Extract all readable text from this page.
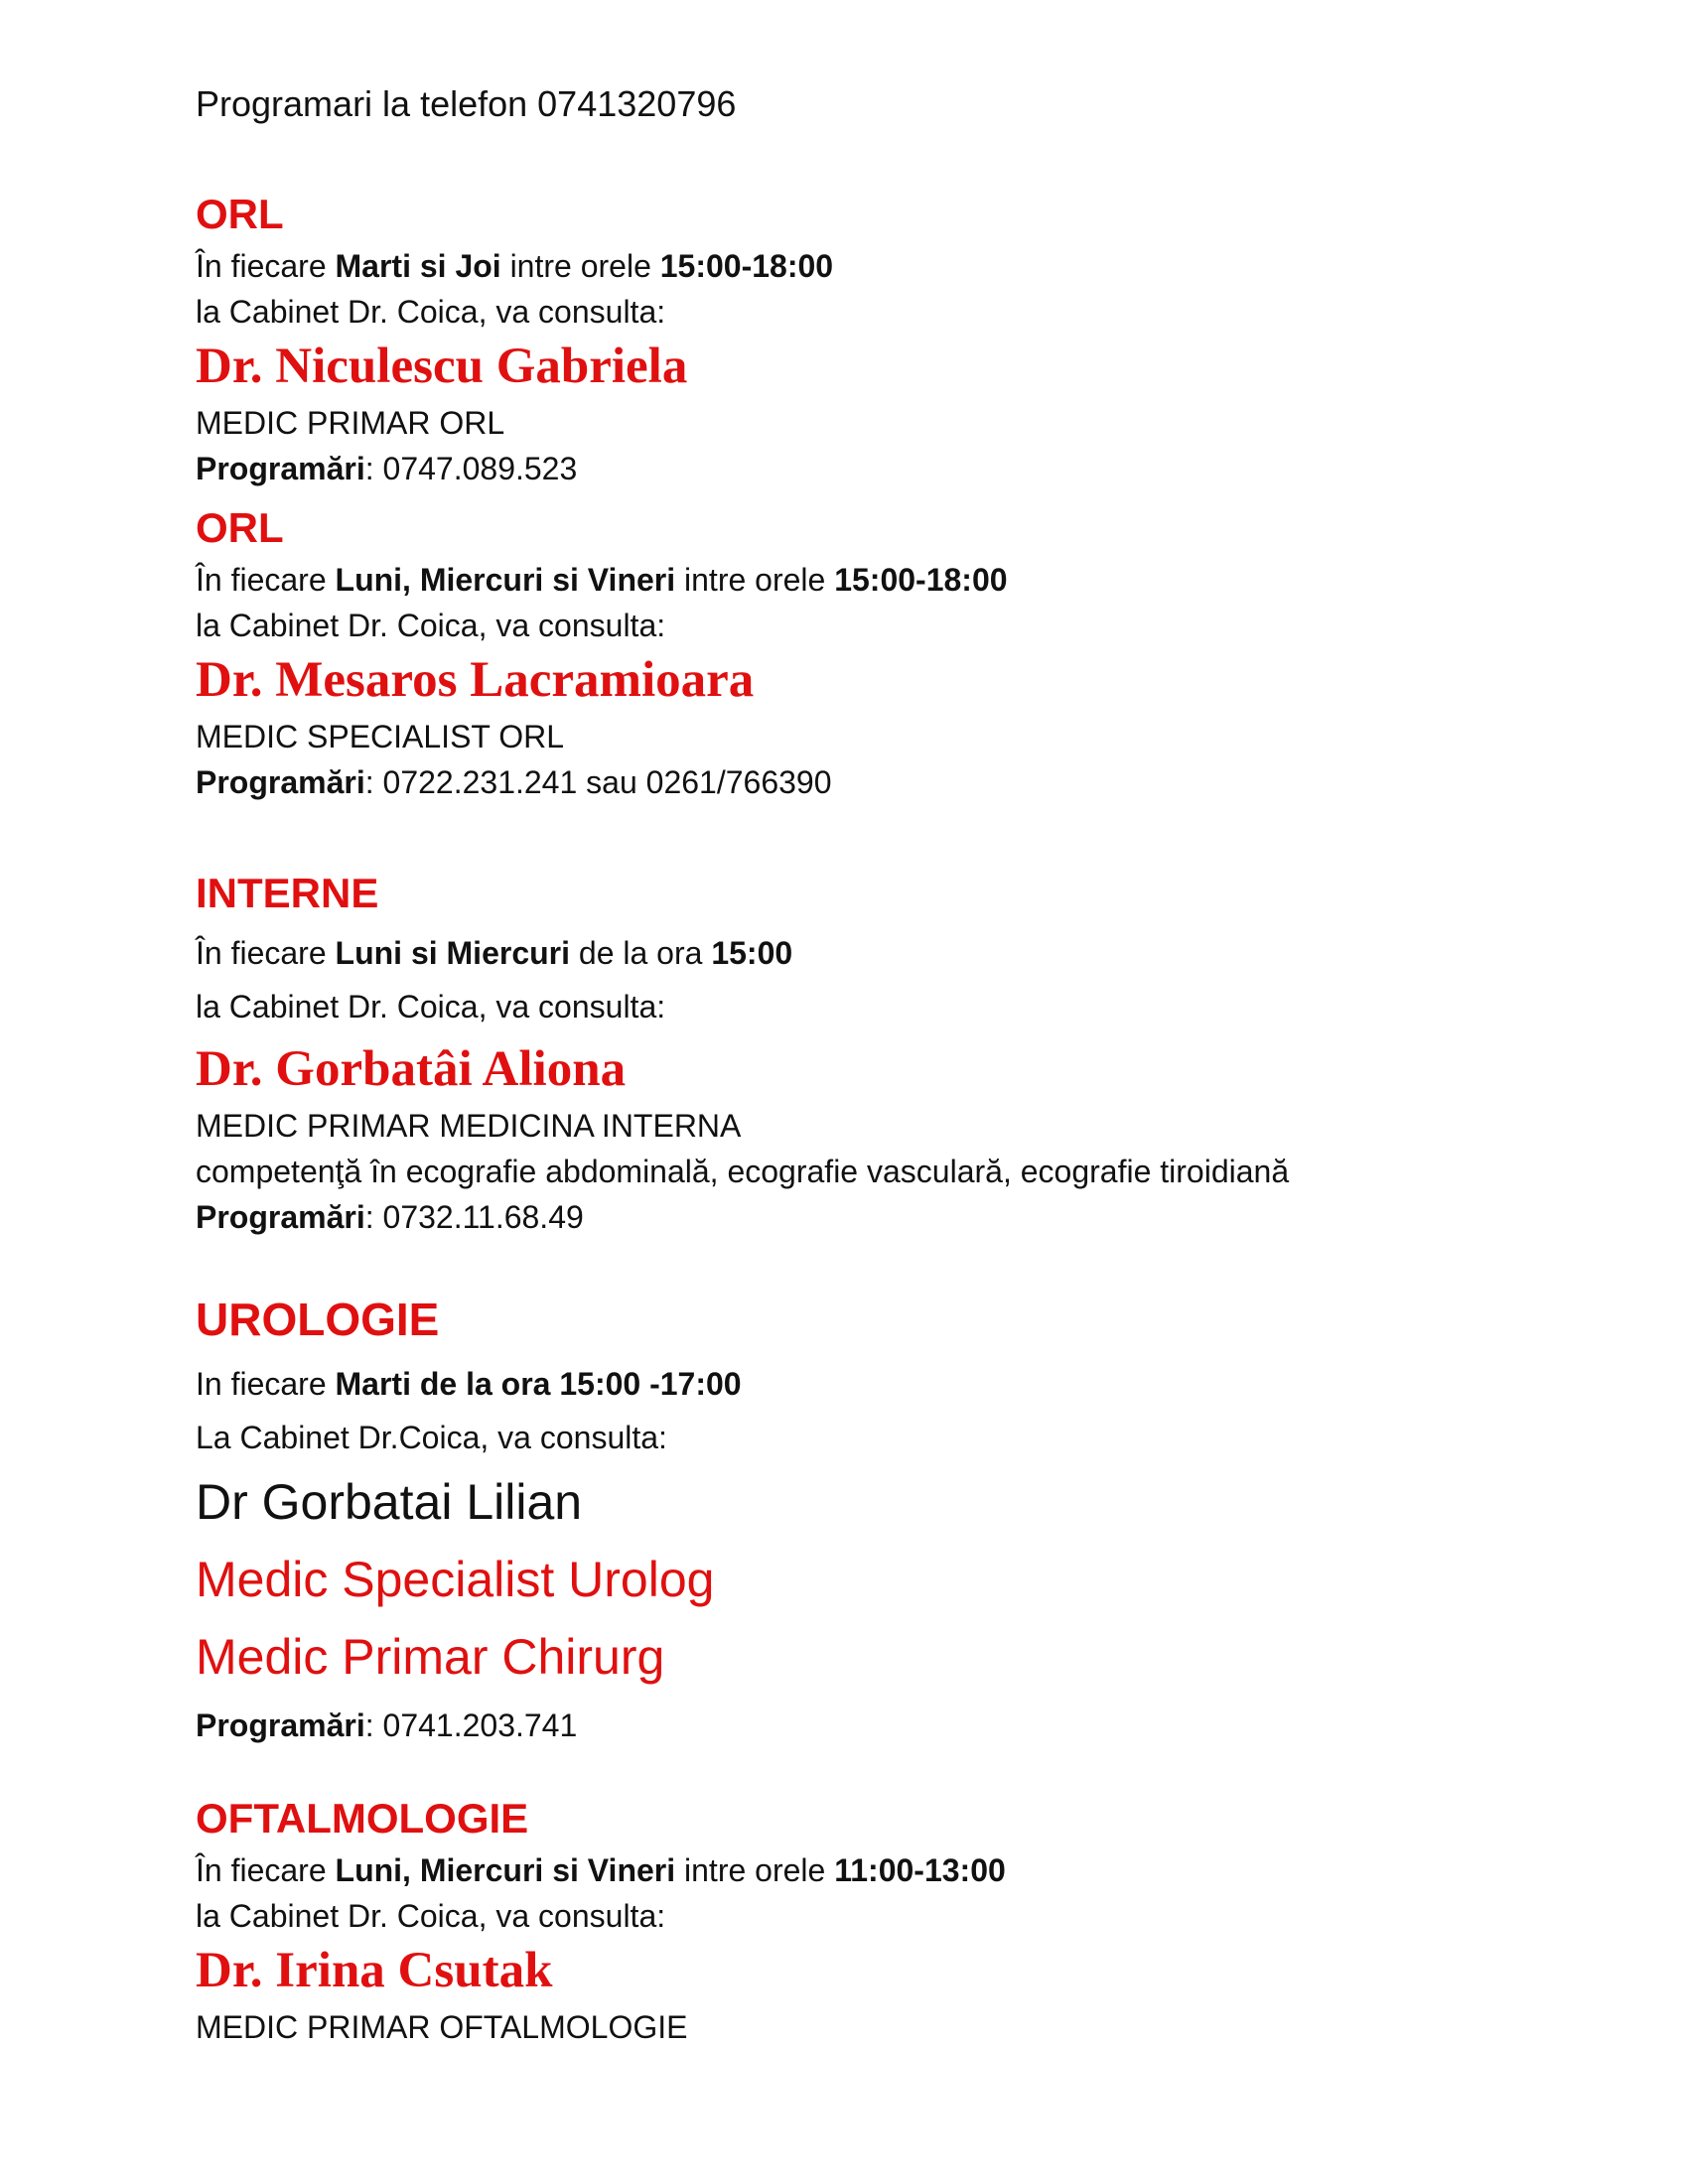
Programari la telefon 0741320796
ORL
În fiecare Marti si Joi intre orele 15:00-18:00
la Cabinet Dr. Coica, va consulta:
Dr. Niculescu Gabriela
MEDIC PRIMAR ORL
Programări: 0747.089.523
ORL
În fiecare Luni, Miercuri si Vineri intre orele 15:00-18:00
la Cabinet Dr. Coica, va consulta:
Dr. Mesaros Lacramioara
MEDIC SPECIALIST ORL
Programări: 0722.231.241 sau 0261/766390
INTERNE
În fiecare Luni si Miercuri de la ora 15:00
la Cabinet Dr. Coica, va consulta:
Dr. Gorbatâi Aliona
MEDIC PRIMAR MEDICINA INTERNA
competenţă în ecografie abdominală, ecografie vasculară, ecografie tiroidiană
Programări: 0732.11.68.49
UROLOGIE
In fiecare Marti de la ora 15:00 -17:00
La Cabinet Dr.Coica, va consulta:
Dr Gorbatai Lilian
Medic Specialist Urolog
Medic Primar Chirurg
Programări: 0741.203.741
OFTALMOLOGIE
În fiecare Luni, Miercuri si Vineri intre orele 11:00-13:00
la Cabinet Dr. Coica, va consulta:
Dr. Irina Csutak
MEDIC PRIMAR OFTALMOLOGIE
